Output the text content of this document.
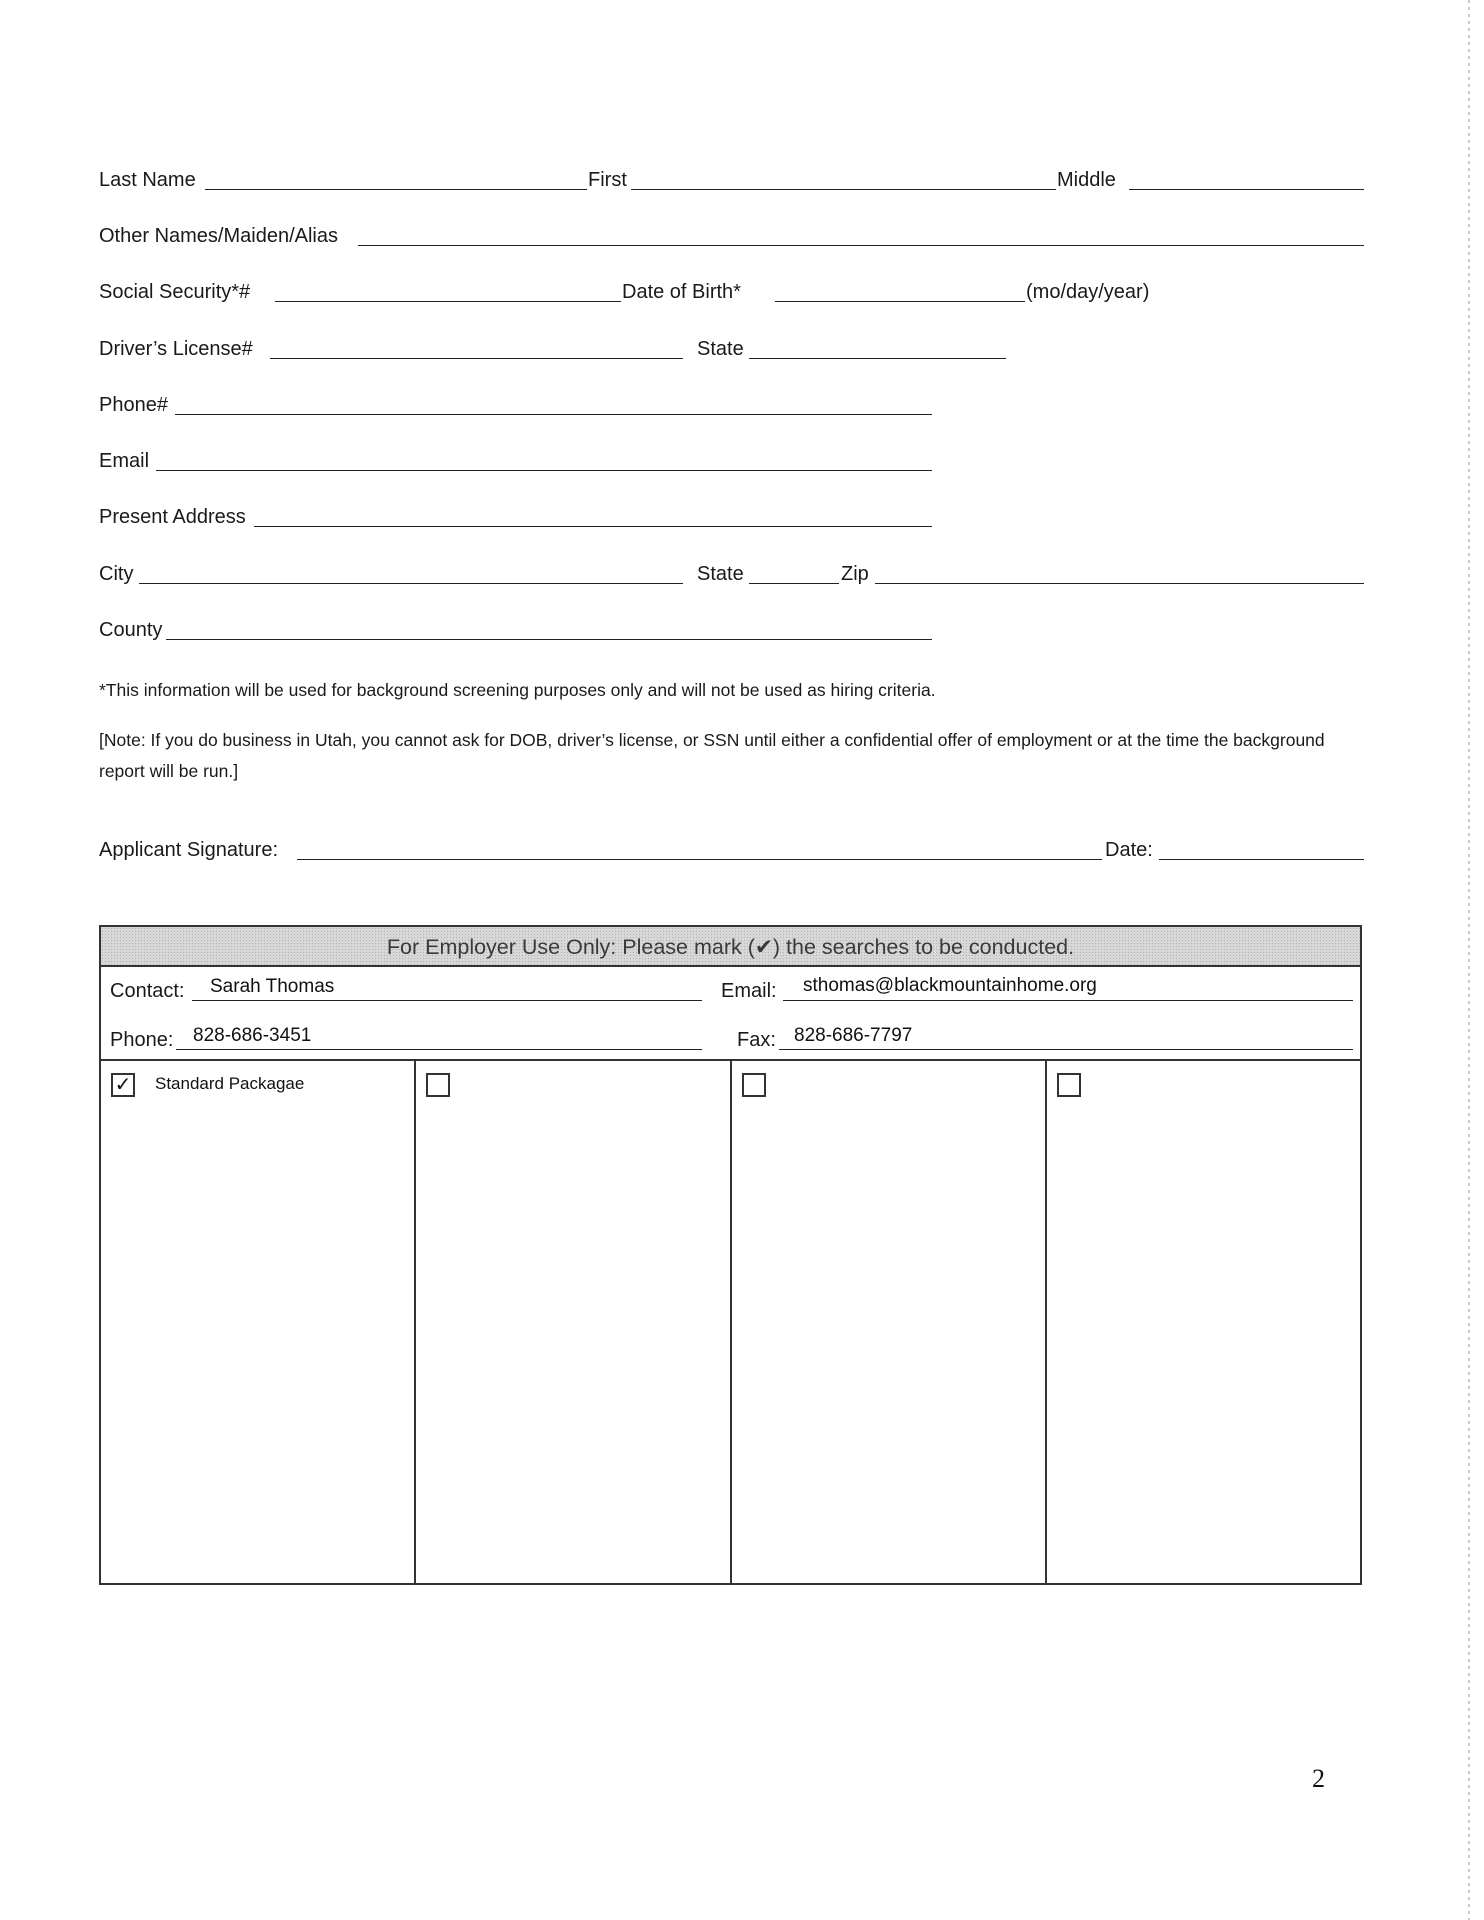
Last Name	First	Middle
Other Names/Maiden/Alias
Social Security*#	Date of Birth*	(mo/day/year)
Driver’s License#	State
Phone#
Email
Present Address
City	State	Zip
County
*This information will be used for background screening purposes only and will not be used as hiring criteria.
[Note: If you do business in Utah, you cannot ask for DOB, driver’s license, or SSN until either a confidential offer of employment or at the time the background report will be run.]
Applicant Signature:	Date:
For Employer Use Only: Please mark (✔) the searches to be conducted.
Contact: Sarah Thomas	Email: sthomas@blackmountainhome.org
Phone: 828-686-3451	Fax: 828-686-7797
✓ Standard Packagae
2
